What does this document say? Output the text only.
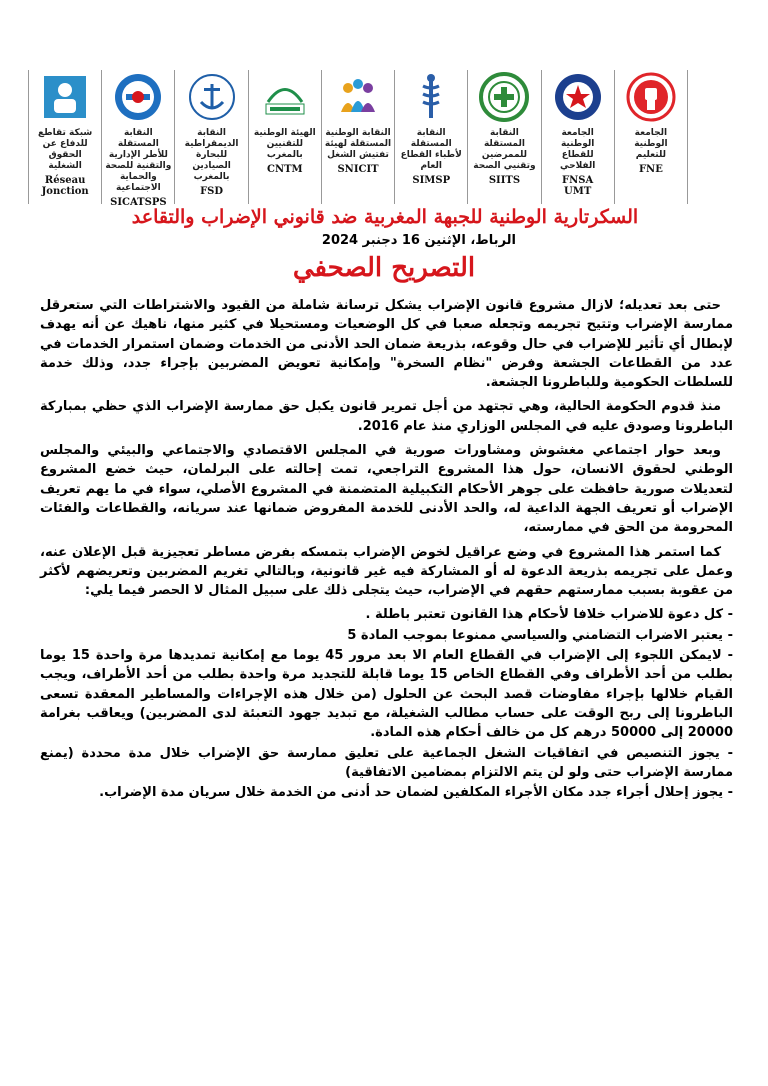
الجامعة الوطنية
للتعليم
FNE
الجامعة
الوطنية للقطاع
الفلاحي
FNSA
UMT
النقابة المستقلة
للممرضين
وتقنيي الصحة
SIITS
النقابة
المستقلة
لأطباء القطاع
العام
SIMSP
النقابة الوطنية
المستقلة لهيئة
تفتيش الشغل
SNICIT
الهيئة الوطنية
للتقنيين
بالمغرب
CNTM
النقابة
الديمقراطية
للبحارة الصيادين
بالمغرب
FSD
النقابة المستقلة
للأطر الإدارية
والتقنية للصحة
والحماية الاجتماعية
SICATSPS
شبكة تقاطع
للدفاع عن
الحقوق
الشغلية
Réseau
Jonction
السكرتارية الوطنية للجبهة المغربية ضد قانوني الإضراب والتقاعد
الرباط، الإثنين 16 دجنبر 2024
التصريح الصحفي

حتى بعد تعديله؛ لازال مشروع قانون الإضراب يشكل ترسانة شاملة من القيود والاشتراطات التي ستعرقل ممارسة الإضراب وتتيح تجريمه وتجعله صعبا في كل الوضعيات ومستحيلا في كثير منها، ناهيك عن أنه يهدف لإبطال أي تأثير للإضراب في حال وقوعه، بذريعة ضمان الحد الأدنى من الخدمات وضمان استمرار الخدمات في عدد من القطاعات الجشعة وفرض "نظام السخرة" وإمكانية تعويض المضربين بإجراء جدد، وذلك خدمة للسلطات الحكومية وللباطرونا الجشعة.

منذ قدوم الحكومة الحالية، وهي تجتهد من أجل تمرير قانون يكبل حق ممارسة الإضراب الذي حظي بمباركة الباطرونا وصودق عليه في المجلس الوزاري منذ عام 2016.

وبعد حوار اجتماعي مغشوش ومشاورات صورية في المجلس الاقتصادي والاجتماعي والبيئي والمجلس الوطني لحقوق الانسان، حول هذا المشروع التراجعي، تمت إحالته على البرلمان، حيث خضع المشروع لتعديلات صورية حافظت على جوهر الأحكام التكبيلية المتضمنة في المشروع الأصلي، سواء في ما يهم تعريف الإضراب أو تعريف الجهة الداعية له، والحد الأدنى للخدمة المفروض ضمانها عند سريانه، والقطاعات والفئات المحرومة من الحق في ممارسته،

كما استمر هذا المشروع في وضع عراقيل لخوض الإضراب بتمسكه بفرض مساطر تعجيزية قبل الإعلان عنه، وعمل على تجريمه بذريعة الدعوة له أو المشاركة فيه غير قانونية، وبالتالي تغريم المضربين وتعريضهم لأكثر من عقوبة بسبب ممارستهم حقهم في الإضراب، حيث يتجلى ذلك على سبيل المثال لا الحصر فيما يلي:

- كل دعوة للاضراب خلافا لأحكام هذا القانون تعتبر باطلة .
- يعتبر الاضراب التضامني والسياسي ممنوعا بموجب المادة 5
- لايمكن اللجوء إلى الإضراب في القطاع العام الا بعد مرور 45 يوما مع إمكانية تمديدها مرة واحدة 15 يوما بطلب من أحد الأطراف وفي القطاع الخاص 15 يوما قابلة للتجديد مرة واحدة بطلب من أحد الأطراف، ويجب القيام خلالها بإجراء مفاوضات قصد البحث عن الحلول (من خلال هذه الإجراءات والمساطير المعقدة تسعى الباطرونا إلى ربح الوقت على حساب مطالب الشغيلة، مع تبديد جهود التعبئة لدى المضربين) ويعاقب بغرامة 20000 إلى 50000 درهم كل من خالف أحكام هذه المادة.
- يجوز التنصيص في اتفاقيات الشغل الجماعية على تعليق ممارسة حق الإضراب خلال مدة محددة (يمنع ممارسة الإضراب حتى ولو لن يتم الالتزام بمضامين الاتفاقية)
- يجوز إحلال أجراء جدد مكان الأجراء المكلفين لضمان حد أدنى من الخدمة خلال سريان مدة الإضراب.
